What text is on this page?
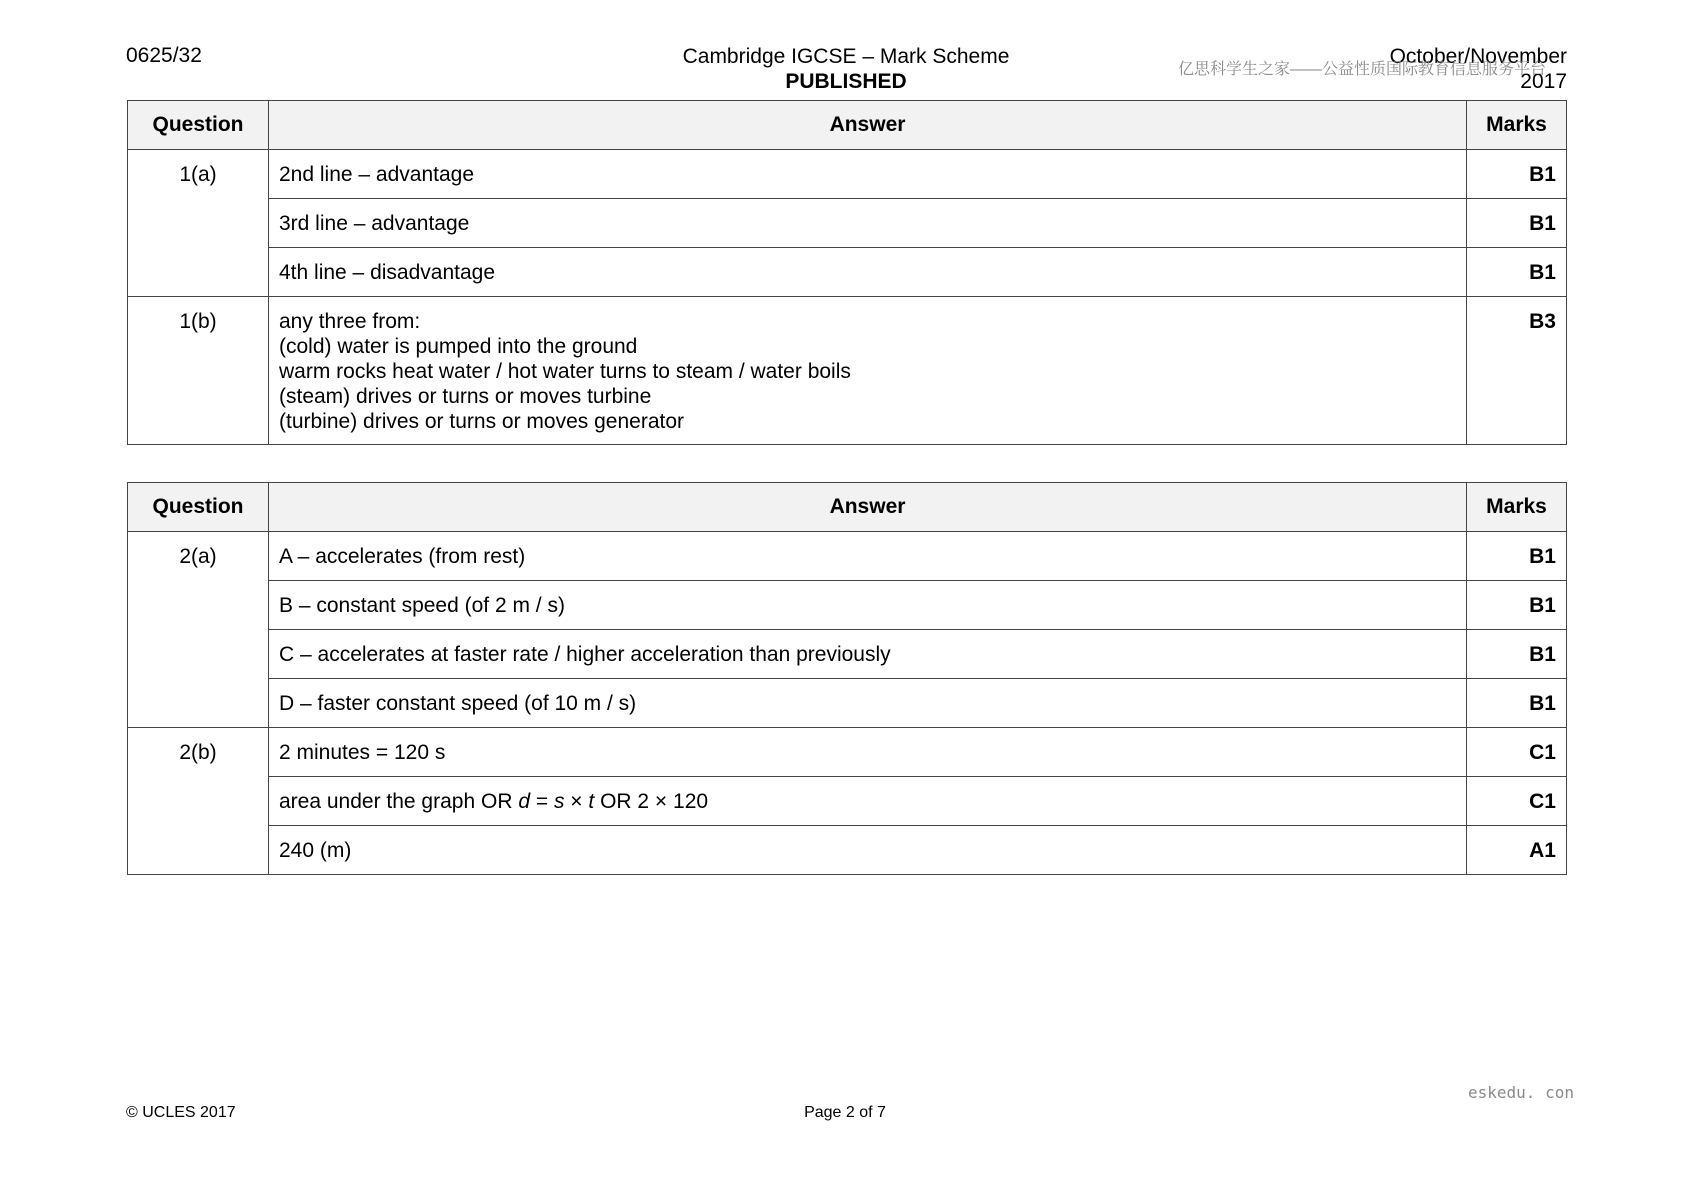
0625/32	Cambridge IGCSE – Mark Scheme
PUBLISHED
October/November
2017
亿思科学生之家——公益性质国际教育信息服务平台
Question	Answer	Marks
1(a)	2nd line – advantage	B1
	3rd line – advantage	B1
	4th line – disadvantage	B1
1(b)	any three from:
(cold) water is pumped into the ground
warm rocks heat water / hot water turns to steam / water boils
(steam) drives or turns or moves turbine
(turbine) drives or turns or moves generator	B3
Question	Answer	Marks
2(a)	A – accelerates (from rest)	B1
	B – constant speed (of 2 m / s)	B1
	C – accelerates at faster rate / higher acceleration than previously	B1
	D – faster constant speed (of 10 m / s)	B1
2(b)	2 minutes = 120 s	C1
	area under the graph OR d = s × t OR 2 × 120	C1
	240 (m)	A1
eskedu. con
© UCLES 2017	Page 2 of 7
